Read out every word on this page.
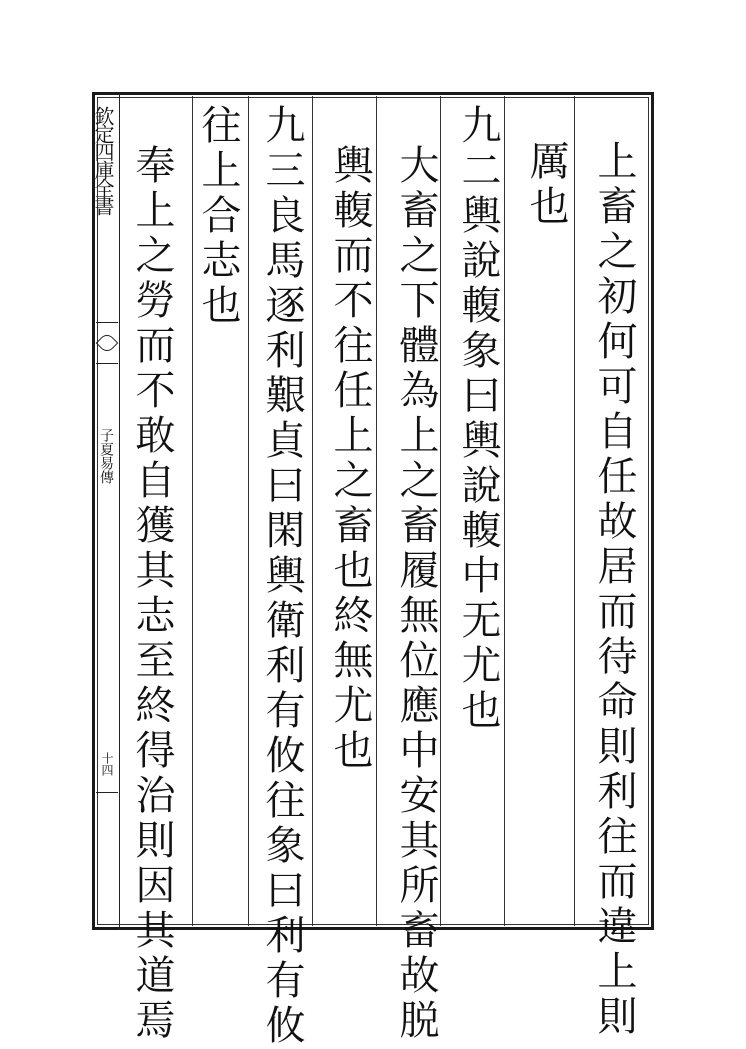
欽定四庫全書
子夏易傳
十四	上畜之初何可自任故居而待命則利往而違上則
厲也
九二輿說輹象曰輿說輹中无尤也
大畜之下體為上之畜履無位應中安其所畜故脱
輿輹而不往任上之畜也終無尤也
九三良馬逐利艱貞曰閑輿衛利有攸往象曰利有攸
往上合志也
奉上之勞而不敢自獲其志至終得治則因其道焉
